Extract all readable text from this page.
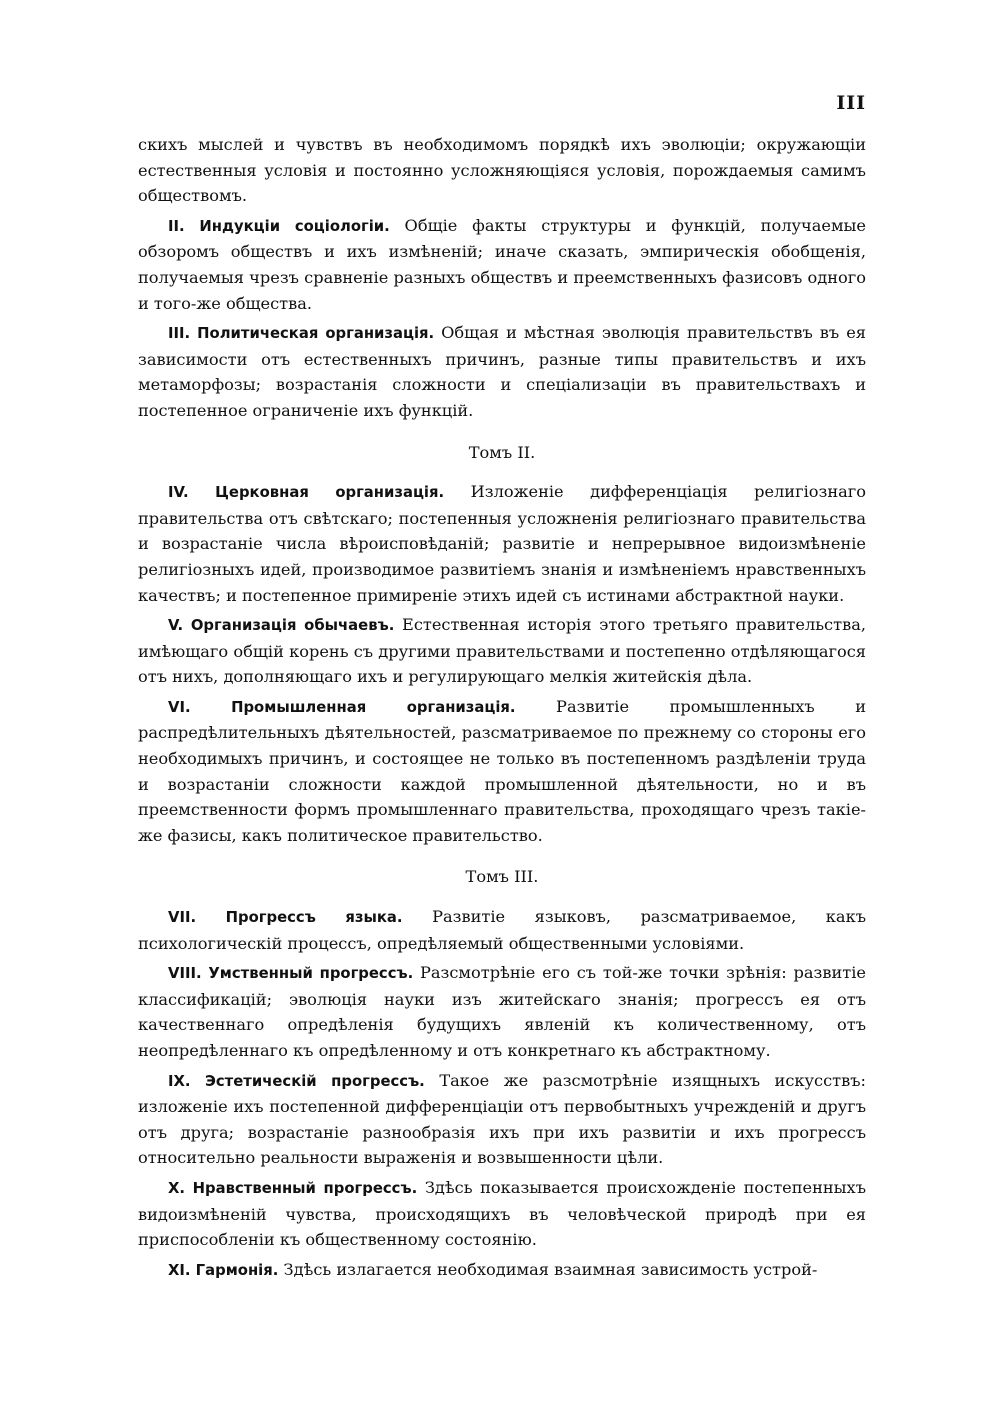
III

скихъ мыслей и чувствъ въ необходимомъ порядкѣ ихъ эволюціи; окружающіи естественныя условія и постоянно усложняющіяся условія, порождаемыя самимъ обществомъ.

II. Индукціи соціологіи. Общіе факты структуры и функцій, получаемые обзоромъ обществъ и ихъ измѣненій; иначе сказать, эмпирическія обобщенія, получаемыя чрезъ сравненіе разныхъ обществъ и преемственныхъ фазисовъ одного и того-же общества.

III. Политическая организація. Общая и мѣстная эволюція правительствъ въ ея зависимости отъ естественныхъ причинъ, разные типы правительствъ и ихъ метаморфозы; возрастанія сложности и спеціализаціи въ правительствахъ и постепенное ограниченіе ихъ функцій.

Томъ II.

IV. Церковная организація. Изложеніе дифференціація религіознаго правительства отъ свѣтскаго; постепенныя усложненія религіознаго правительства и возрастаніе числа вѣроисповѣданій; развитіе и непрерывное видоизмѣненіе религіозныхъ идей, производимое развитіемъ знанія и измѣненіемъ нравственныхъ качествъ; и постепенное примиреніе этихъ идей съ истинами абстрактной науки.

V. Организація обычаевъ. Естественная исторія этого третьяго правительства, имѣющаго общій корень съ другими правительствами и постепенно отдѣляющагося отъ нихъ, дополняющаго ихъ и регулирующаго мелкія житейскія дѣла.

VI. Промышленная организація. Развитіе промышленныхъ и распредѣлительныхъ дѣятельностей, разсматриваемое по прежнему со стороны его необходимыхъ причинъ, и состоящее не только въ постепенномъ раздѣленіи труда и возрастаніи сложности каждой промышленной дѣятельности, но и въ преемственности формъ промышленнаго правительства, проходящаго чрезъ такіе-же фазисы, какъ политическое правительство.

Томъ III.

VII. Прогрессъ языка. Развитіе языковъ, разсматриваемое, какъ психологическій процессъ, опредѣляемый общественными условіями.

VIII. Умственный прогрессъ. Разсмотрѣніе его съ той-же точки зрѣнія: развитіе классификацій; эволюція науки изъ житейскаго знанія; прогрессъ ея отъ качественнаго опредѣленія будущихъ явленій къ количественному, отъ неопредѣленнаго къ опредѣленному и отъ конкретнаго къ абстрактному.

IX. Эстетическій прогрессъ. Такое же разсмотрѣніе изящныхъ искусствъ: изложеніе ихъ постепенной дифференціаціи отъ первобытныхъ учрежденій и другъ отъ друга; возрастаніе разнообразія ихъ при ихъ развитіи и ихъ прогрессъ относительно реальности выраженія и возвышенности цѣли.

X. Нравственный прогрессъ. Здѣсь показывается происхожденіе постепенныхъ видоизмѣненій чувства, происходящихъ въ человѣческой природѣ при ея приспособленіи къ общественному состоянію.

XI. Гармонія. Здѣсь излагается необходимая взаимная зависимость устрой-
